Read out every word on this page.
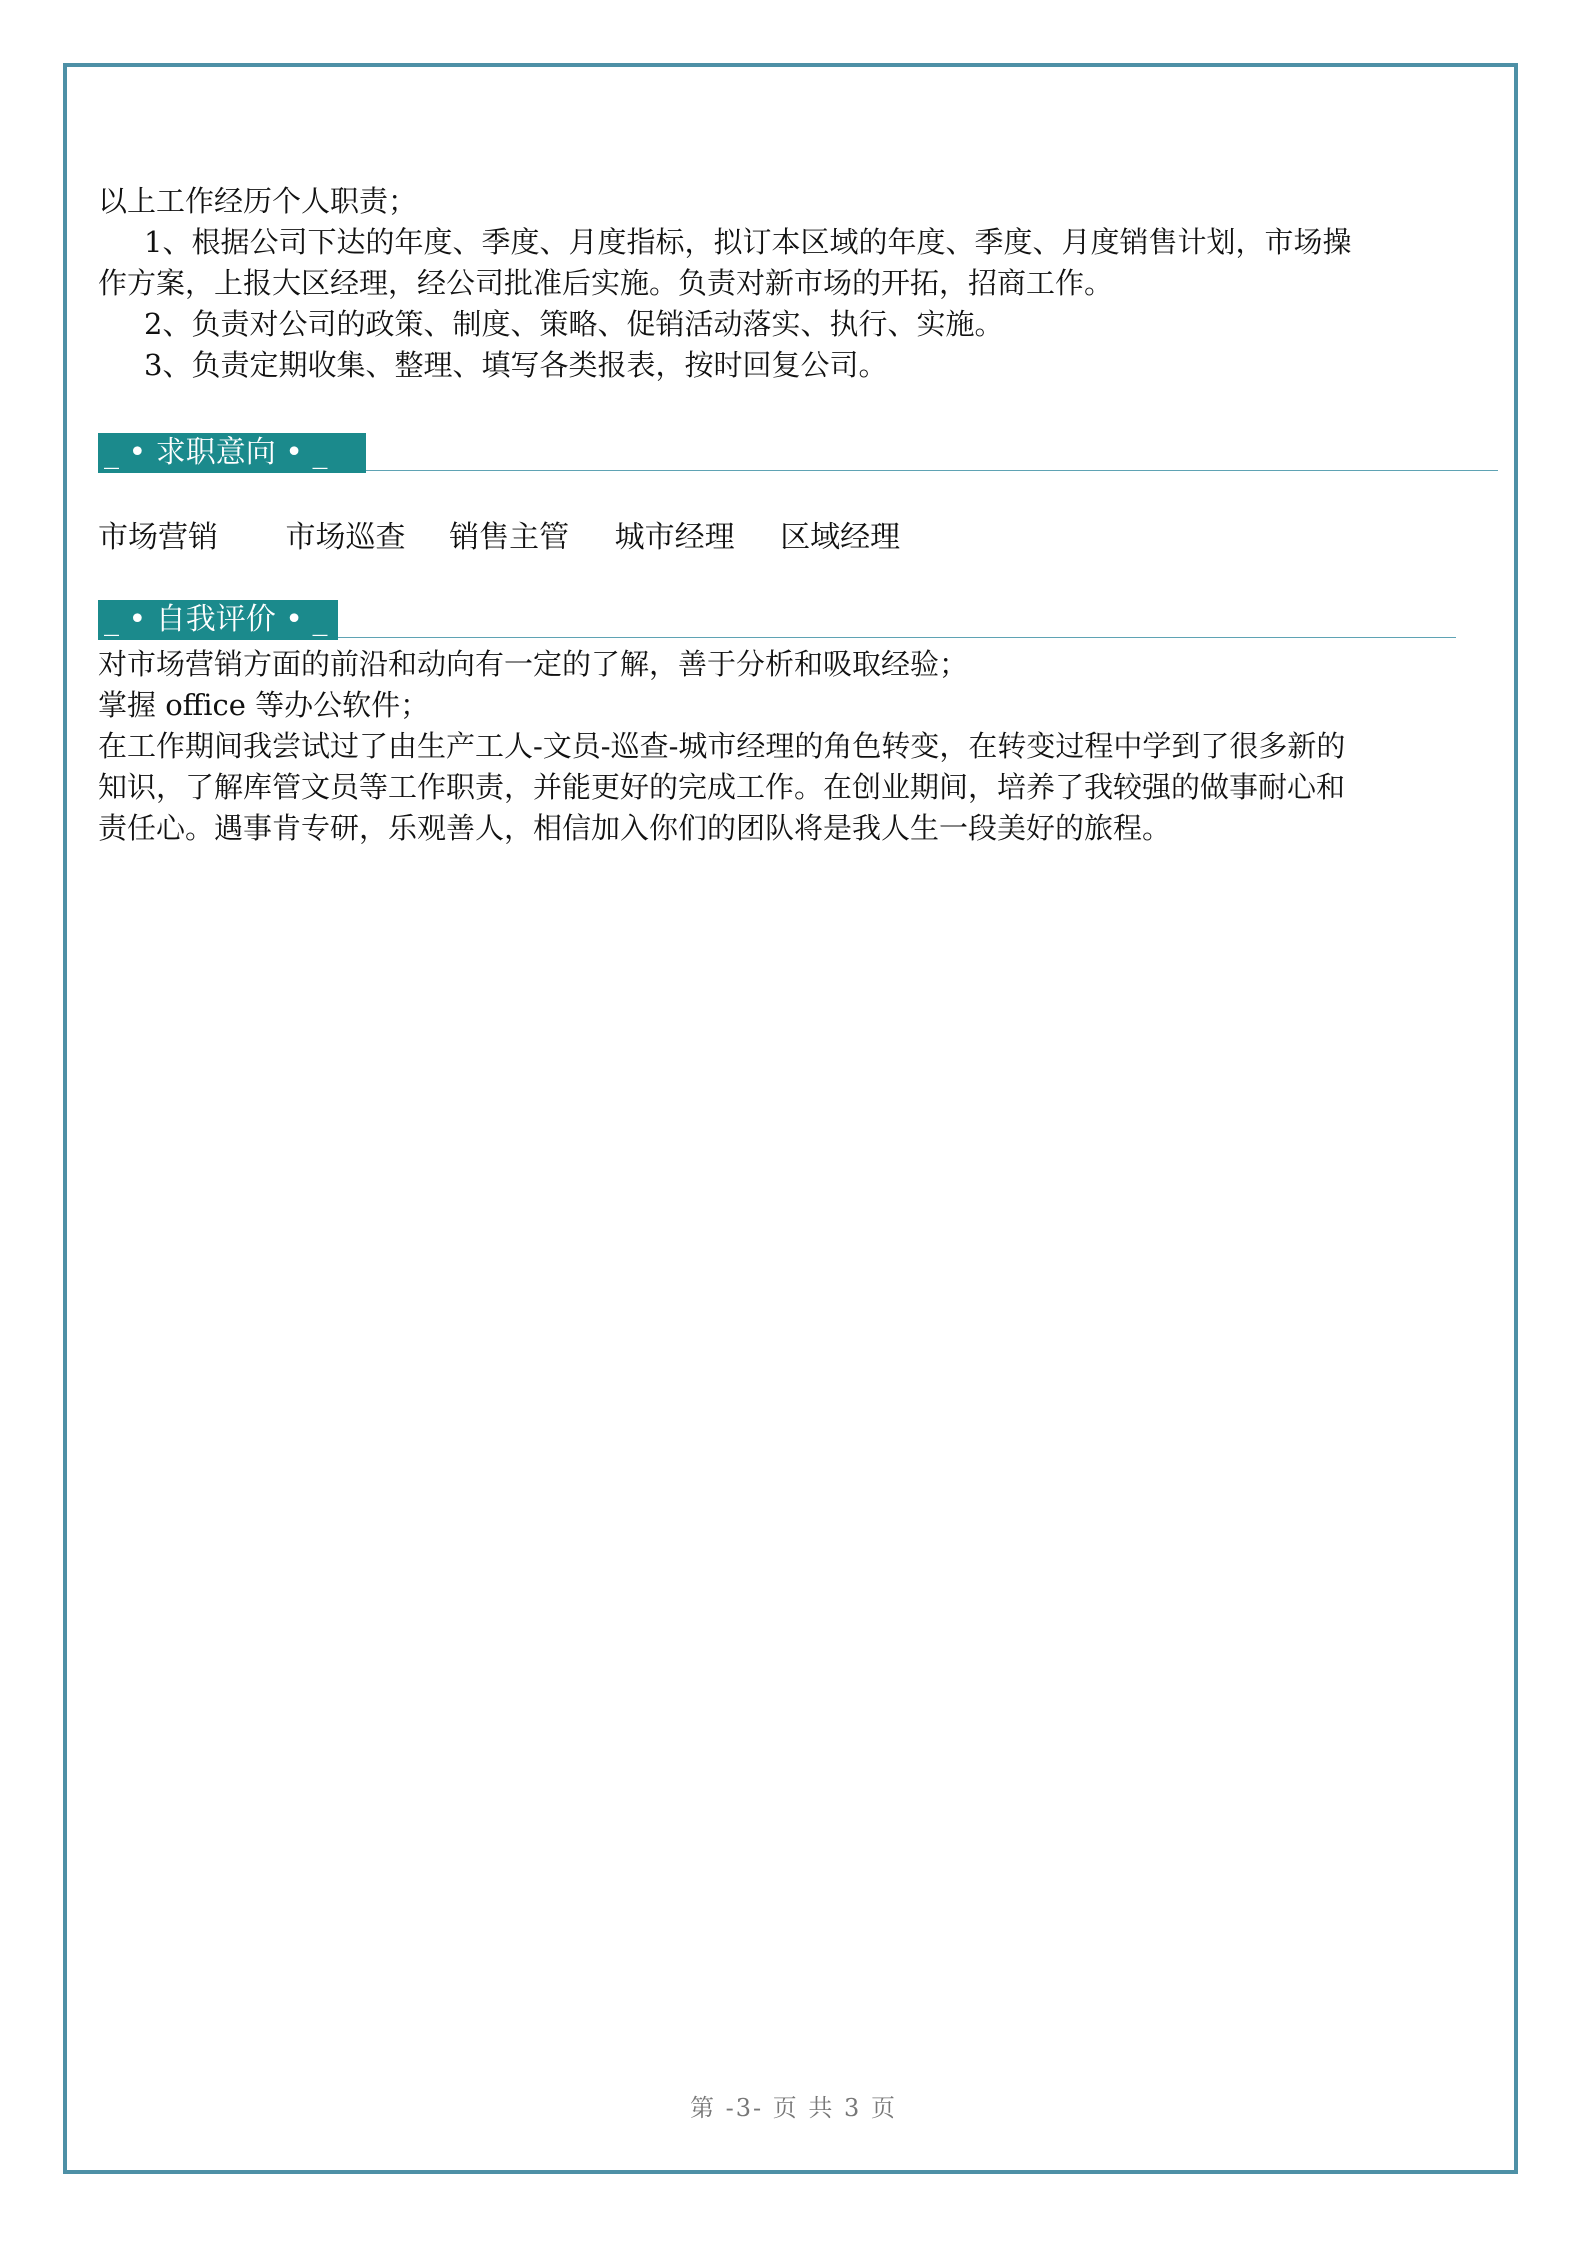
以上工作经历个人职责；

1、根据公司下达的年度、季度、月度指标，拟订本区域的年度、季度、月度销售计划，市场操

作方案，上报大区经理，经公司批准后实施。负责对新市场的开拓，招商工作。

2、负责对公司的政策、制度、策略、促销活动落实、执行、实施。

3、负责定期收集、整理、填写各类报表，按时回复公司。

_ • 求职意向 • _
市场营销 市场巡查 销售主管 城市经理 区域经理
_ • 自我评价 • _

对市场营销方面的前沿和动向有一定的了解，善于分析和吸取经验；

掌握 office 等办公软件；

在工作期间我尝试过了由生产工人-文员-巡查-城市经理的角色转变，在转变过程中学到了很多新的

知识，了解库管文员等工作职责，并能更好的完成工作。在创业期间，培养了我较强的做事耐心和

责任心。遇事肯专研，乐观善人，相信加入你们的团队将是我人生一段美好的旅程。

第 -3- 页 共 3 页
